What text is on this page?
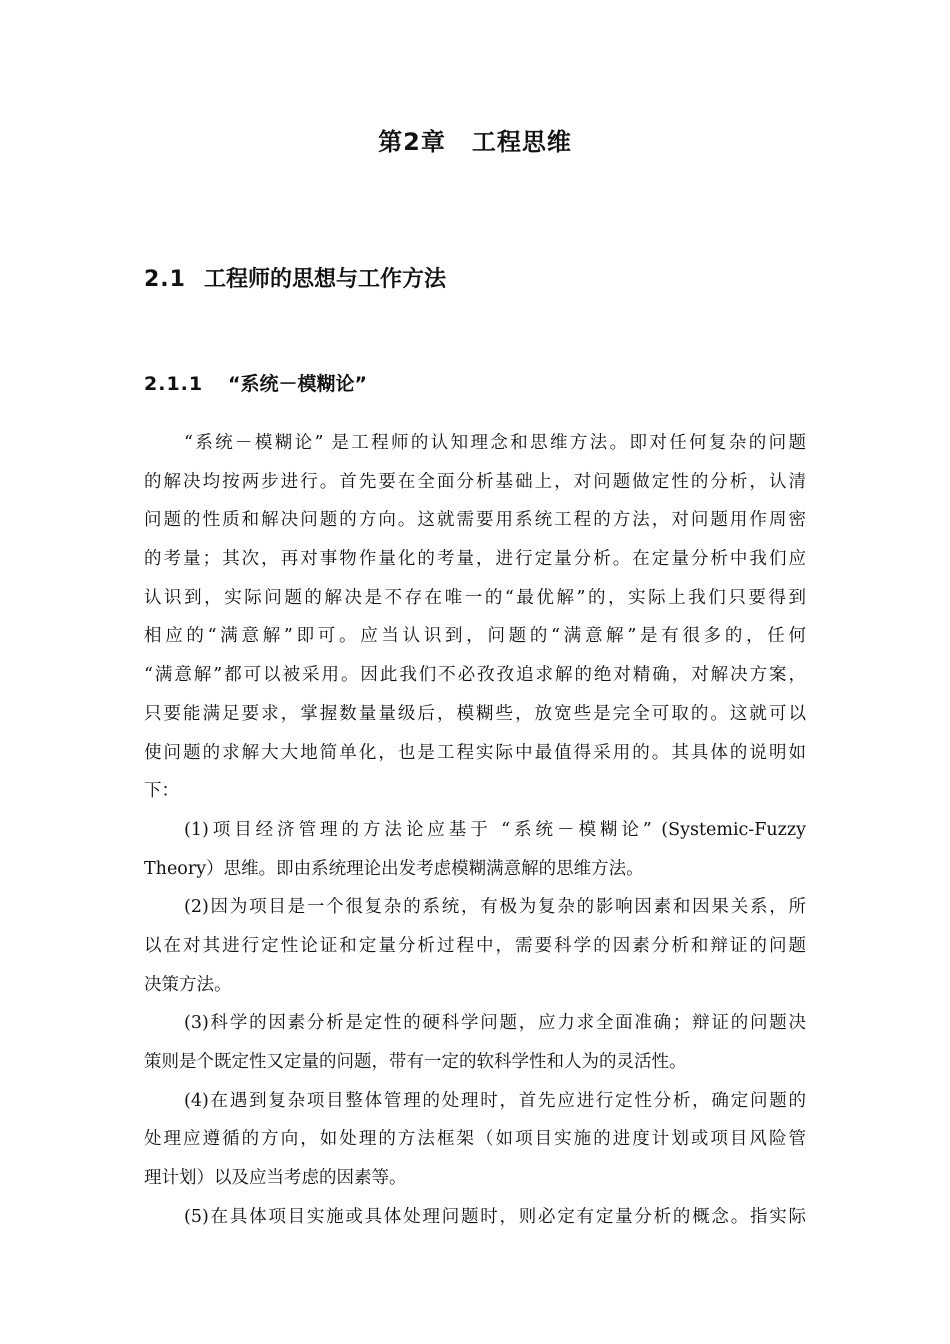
第2章 工程思维
2.1 工程师的思想与工作方法
2.1.1 “系统－模糊论”
“系统－模糊论” 是工程师的认知理念和思维方法。即对任何复杂的问题
的解决均按两步进行。首先要在全面分析基础上，对问题做定性的分析，认清
问题的性质和解决问题的方向。这就需要用系统工程的方法，对问题用作周密
的考量；其次，再对事物作量化的考量，进行定量分析。在定量分析中我们应
认识到，实际问题的解决是不存在唯一的“最优解”的，实际上我们只要得到
相应的“满意解”即可。应当认识到，问题的“满意解”是有很多的，任何
“满意解”都可以被采用。因此我们不必孜孜追求解的绝对精确，对解决方案，
只要能满足要求，掌握数量量级后，模糊些，放宽些是完全可取的。这就可以
使问题的求解大大地简单化，也是工程实际中最值得采用的。其具体的说明如
下：
(1)项目经济管理的方法论应基于 “系统－模糊论” (Systemic-Fuzzy
Theory）思维。即由系统理论出发考虑模糊满意解的思维方法。
(2)因为项目是一个很复杂的系统，有极为复杂的影响因素和因果关系，所
以在对其进行定性论证和定量分析过程中，需要科学的因素分析和辩证的问题
决策方法。
(3)科学的因素分析是定性的硬科学问题，应力求全面准确；辩证的问题决
策则是个既定性又定量的问题，带有一定的软科学性和人为的灵活性。
(4)在遇到复杂项目整体管理的处理时，首先应进行定性分析，确定问题的
处理应遵循的方向，如处理的方法框架（如项目实施的进度计划或项目风险管
理计划）以及应当考虑的因素等。
(5)在具体项目实施或具体处理问题时，则必定有定量分析的概念。指实际
